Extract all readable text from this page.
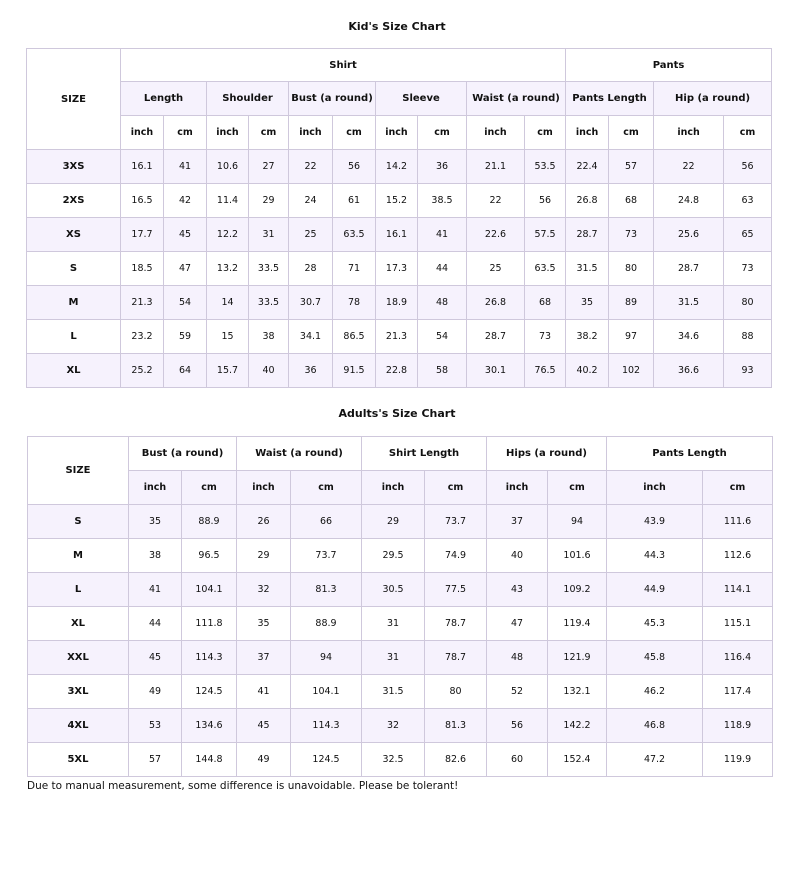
Kid's Size Chart
SIZE	Shirt										Pants			
	Length		Shoulder		Bust (a round)		Sleeve		Waist (a round)		Pants Length		Hip (a round)	
	inch	cm	inch	cm	inch	cm	inch	cm	inch	cm	inch	cm	inch	cm
3XS	16.1	41	10.6	27	22	56	14.2	36	21.1	53.5	22.4	57	22	56
2XS	16.5	42	11.4	29	24	61	15.2	38.5	22	56	26.8	68	24.8	63
XS	17.7	45	12.2	31	25	63.5	16.1	41	22.6	57.5	28.7	73	25.6	65
S	18.5	47	13.2	33.5	28	71	17.3	44	25	63.5	31.5	80	28.7	73
M	21.3	54	14	33.5	30.7	78	18.9	48	26.8	68	35	89	31.5	80
L	23.2	59	15	38	34.1	86.5	21.3	54	28.7	73	38.2	97	34.6	88
XL	25.2	64	15.7	40	36	91.5	22.8	58	30.1	76.5	40.2	102	36.6	93
Adults's Size Chart
SIZE	Bust (a round)		Waist (a round)		Shirt Length		Hips (a round)		Pants Length	
	inch	cm	inch	cm	inch	cm	inch	cm	inch	cm
S	35	88.9	26	66	29	73.7	37	94	43.9	111.6
M	38	96.5	29	73.7	29.5	74.9	40	101.6	44.3	112.6
L	41	104.1	32	81.3	30.5	77.5	43	109.2	44.9	114.1
XL	44	111.8	35	88.9	31	78.7	47	119.4	45.3	115.1
XXL	45	114.3	37	94	31	78.7	48	121.9	45.8	116.4
3XL	49	124.5	41	104.1	31.5	80	52	132.1	46.2	117.4
4XL	53	134.6	45	114.3	32	81.3	56	142.2	46.8	118.9
5XL	57	144.8	49	124.5	32.5	82.6	60	152.4	47.2	119.9
Due to manual measurement, some difference is unavoidable. Please be tolerant!
